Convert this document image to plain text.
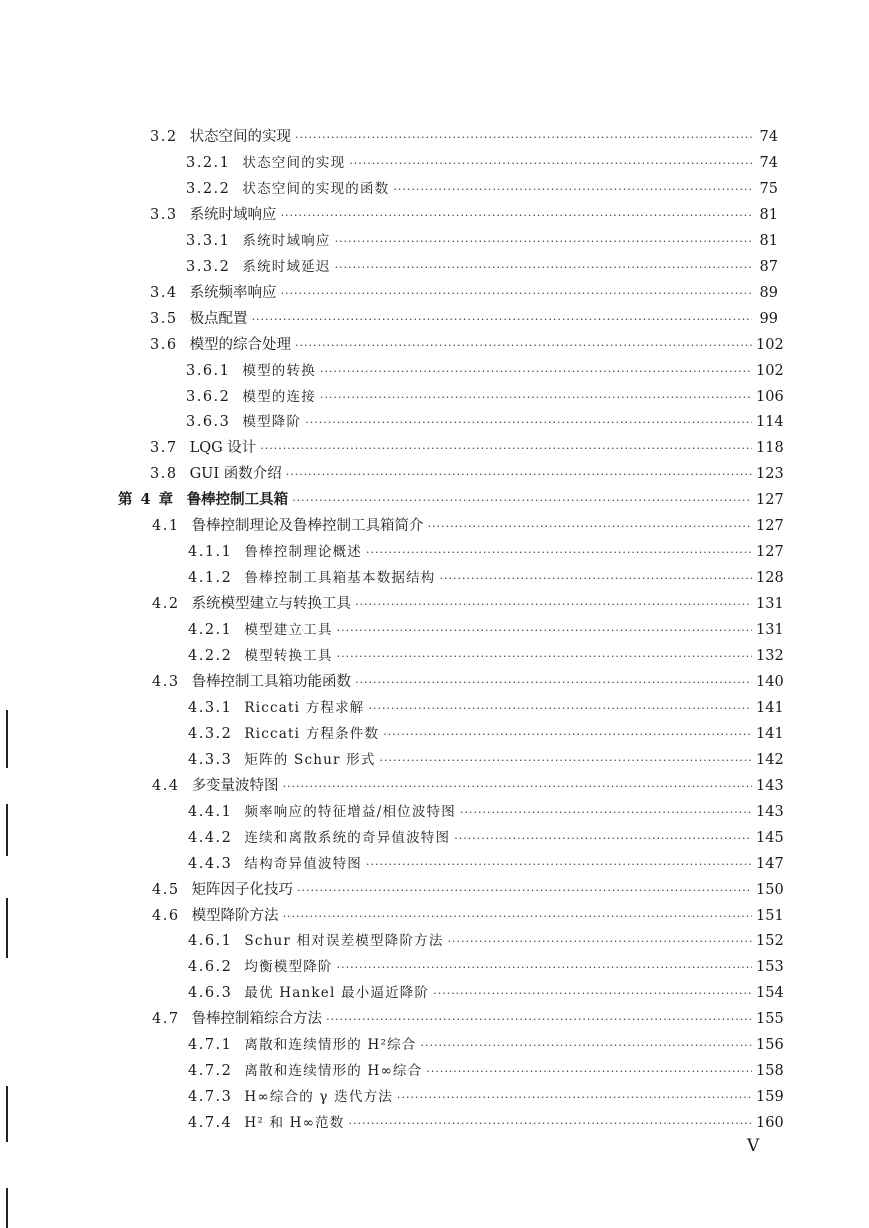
3.2 状态空间的实现 ·····	74
3.2.1 状态空间的实现 ·····	74
3.2.2 状态空间的实现的函数 ·····	75
3.3 系统时域响应 ·····	81
3.3.1 系统时域响应 ·····	81
3.3.2 系统时域延迟 ·····	87
3.4 系统频率响应 ·····	89
3.5 极点配置 ·····	99
3.6 模型的综合处理 ·····	102
3.6.1 模型的转换 ·····	102
3.6.2 模型的连接 ·····	106
3.6.3 模型降阶 ·····	114
3.7 LQG 设计 ·····	118
3.8 GUI 函数介绍 ·····	123
第 4 章 鲁棒控制工具箱 ·····	127
4.1 鲁棒控制理论及鲁棒控制工具箱简介 ·····	127
4.1.1 鲁棒控制理论概述 ·····	127
4.1.2 鲁棒控制工具箱基本数据结构 ·····	128
4.2 系统模型建立与转换工具 ·····	131
4.2.1 模型建立工具 ·····	131
4.2.2 模型转换工具 ·····	132
4.3 鲁棒控制工具箱功能函数 ·····	140
4.3.1 Riccati 方程求解 ·····	141
4.3.2 Riccati 方程条件数 ·····	141
4.3.3 矩阵的 Schur 形式 ·····	142
4.4 多变量波特图 ·····	143
4.4.1 频率响应的特征增益/相位波特图 ·····	143
4.4.2 连续和离散系统的奇异值波特图 ·····	145
4.4.3 结构奇异值波特图 ·····	147
4.5 矩阵因子化技巧 ·····	150
4.6 模型降阶方法 ·····	151
4.6.1 Schur 相对误差模型降阶方法 ·····	152
4.6.2 均衡模型降阶 ·····	153
4.6.3 最优 Hankel 最小逼近降阶 ·····	154
4.7 鲁棒控制箱综合方法 ·····	155
4.7.1 离散和连续情形的 H²综合 ·····	156
4.7.2 离散和连续情形的 H∞综合 ·····	158
4.7.3 H∞综合的 γ 迭代方法 ·····	159
4.7.4 H² 和 H∞范数 ·····	160
V
